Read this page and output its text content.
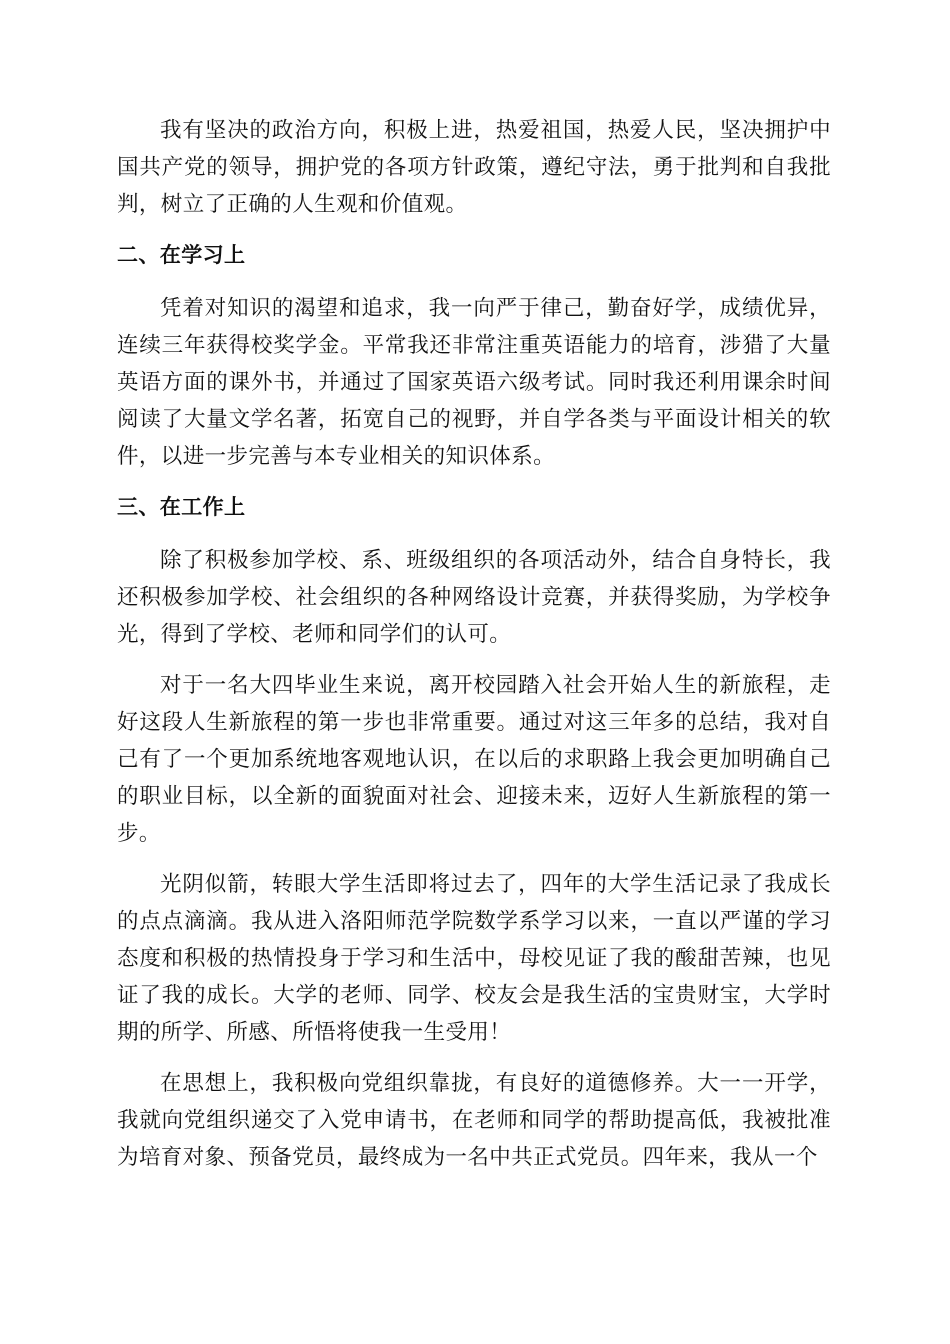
我有坚决的政治方向，积极上进，热爱祖国，热爱人民，坚决拥护中国共产党的领导，拥护党的各项方针政策，遵纪守法，勇于批判和自我批判，树立了正确的人生观和价值观。

二、在学习上

凭着对知识的渴望和追求，我一向严于律己，勤奋好学，成绩优异，连续三年获得校奖学金。平常我还非常注重英语能力的培育，涉猎了大量英语方面的课外书，并通过了国家英语六级考试。同时我还利用课余时间阅读了大量文学名著，拓宽自己的视野，并自学各类与平面设计相关的软件，以进一步完善与本专业相关的知识体系。

三、在工作上

除了积极参加学校、系、班级组织的各项活动外，结合自身特长，我还积极参加学校、社会组织的各种网络设计竞赛，并获得奖励，为学校争光，得到了学校、老师和同学们的认可。

对于一名大四毕业生来说，离开校园踏入社会开始人生的新旅程，走好这段人生新旅程的第一步也非常重要。通过对这三年多的总结，我对自己有了一个更加系统地客观地认识，在以后的求职路上我会更加明确自己的职业目标，以全新的面貌面对社会、迎接未来，迈好人生新旅程的第一步。

光阴似箭，转眼大学生活即将过去了，四年的大学生活记录了我成长的点点滴滴。我从进入洛阳师范学院数学系学习以来，一直以严谨的学习态度和积极的热情投身于学习和生活中，母校见证了我的酸甜苦辣，也见证了我的成长。大学的老师、同学、校友会是我生活的宝贵财宝，大学时期的所学、所感、所悟将使我一生受用！

在思想上，我积极向党组织靠拢，有良好的道德修养。大一一开学，我就向党组织递交了入党申请书，在老师和同学的帮助提高低，我被批准为培育对象、预备党员，最终成为一名中共正式党员。四年来，我从一个
